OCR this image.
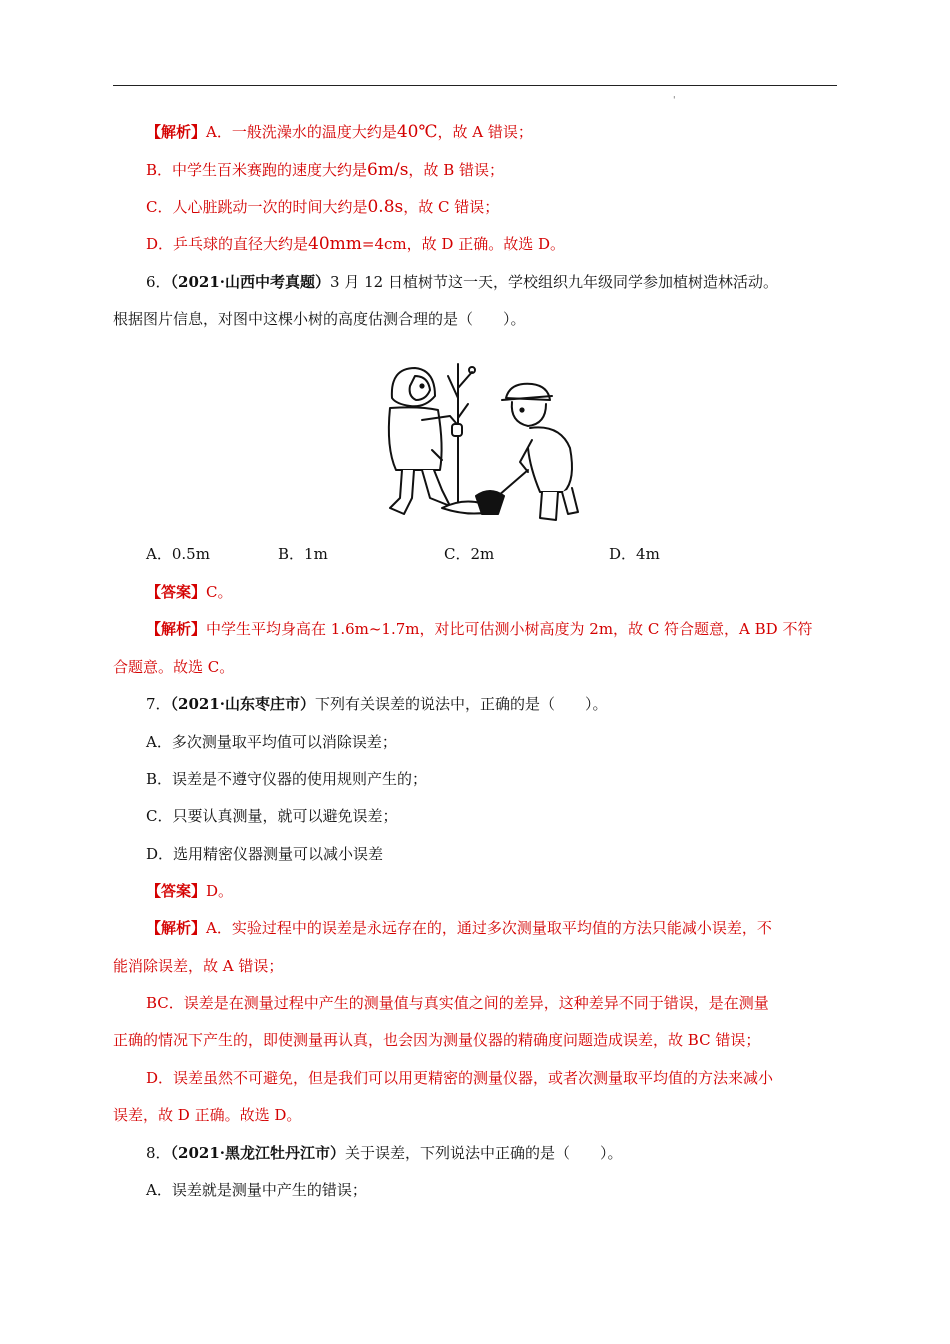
'
【解析】A．一般洗澡水的温度大约是40℃，故 A 错误；
B．中学生百米赛跑的速度大约是6m/s，故 B 错误；
C．人心脏跳动一次的时间大约是0.8s，故 C 错误；
D．乒乓球的直径大约是40mm=4cm，故 D 正确。故选 D。
6．（2021·山西中考真题）3 月 12 日植树节这一天，学校组织九年级同学参加植树造林活动。
根据图片信息，对图中这棵小树的高度估测合理的是（　　）。
A．0.5m	B．1m	C．2m	D．4m
【答案】C。
【解析】中学生平均身高在 1.6m~1.7m，对比可估测小树高度为 2m，故 C 符合题意，A BD 不符
合题意。故选 C。
7．（2021·山东枣庄市）下列有关误差的说法中，正确的是（　　）。
A．多次测量取平均值可以消除误差；
B．误差是不遵守仪器的使用规则产生的；
C．只要认真测量，就可以避免误差；
D．选用精密仪器测量可以减小误差
【答案】D。
【解析】A．实验过程中的误差是永远存在的，通过多次测量取平均值的方法只能减小误差，不
能消除误差，故 A 错误；
BC．误差是在测量过程中产生的测量值与真实值之间的差异，这种差异不同于错误，是在测量
正确的情况下产生的，即使测量再认真，也会因为测量仪器的精确度问题造成误差，故 BC 错误；
D．误差虽然不可避免，但是我们可以用更精密的测量仪器，或者次测量取平均值的方法来减小
误差，故 D 正确。故选 D。
8．（2021·黑龙江牡丹江市）关于误差，下列说法中正确的是（　　）。
A．误差就是测量中产生的错误；
